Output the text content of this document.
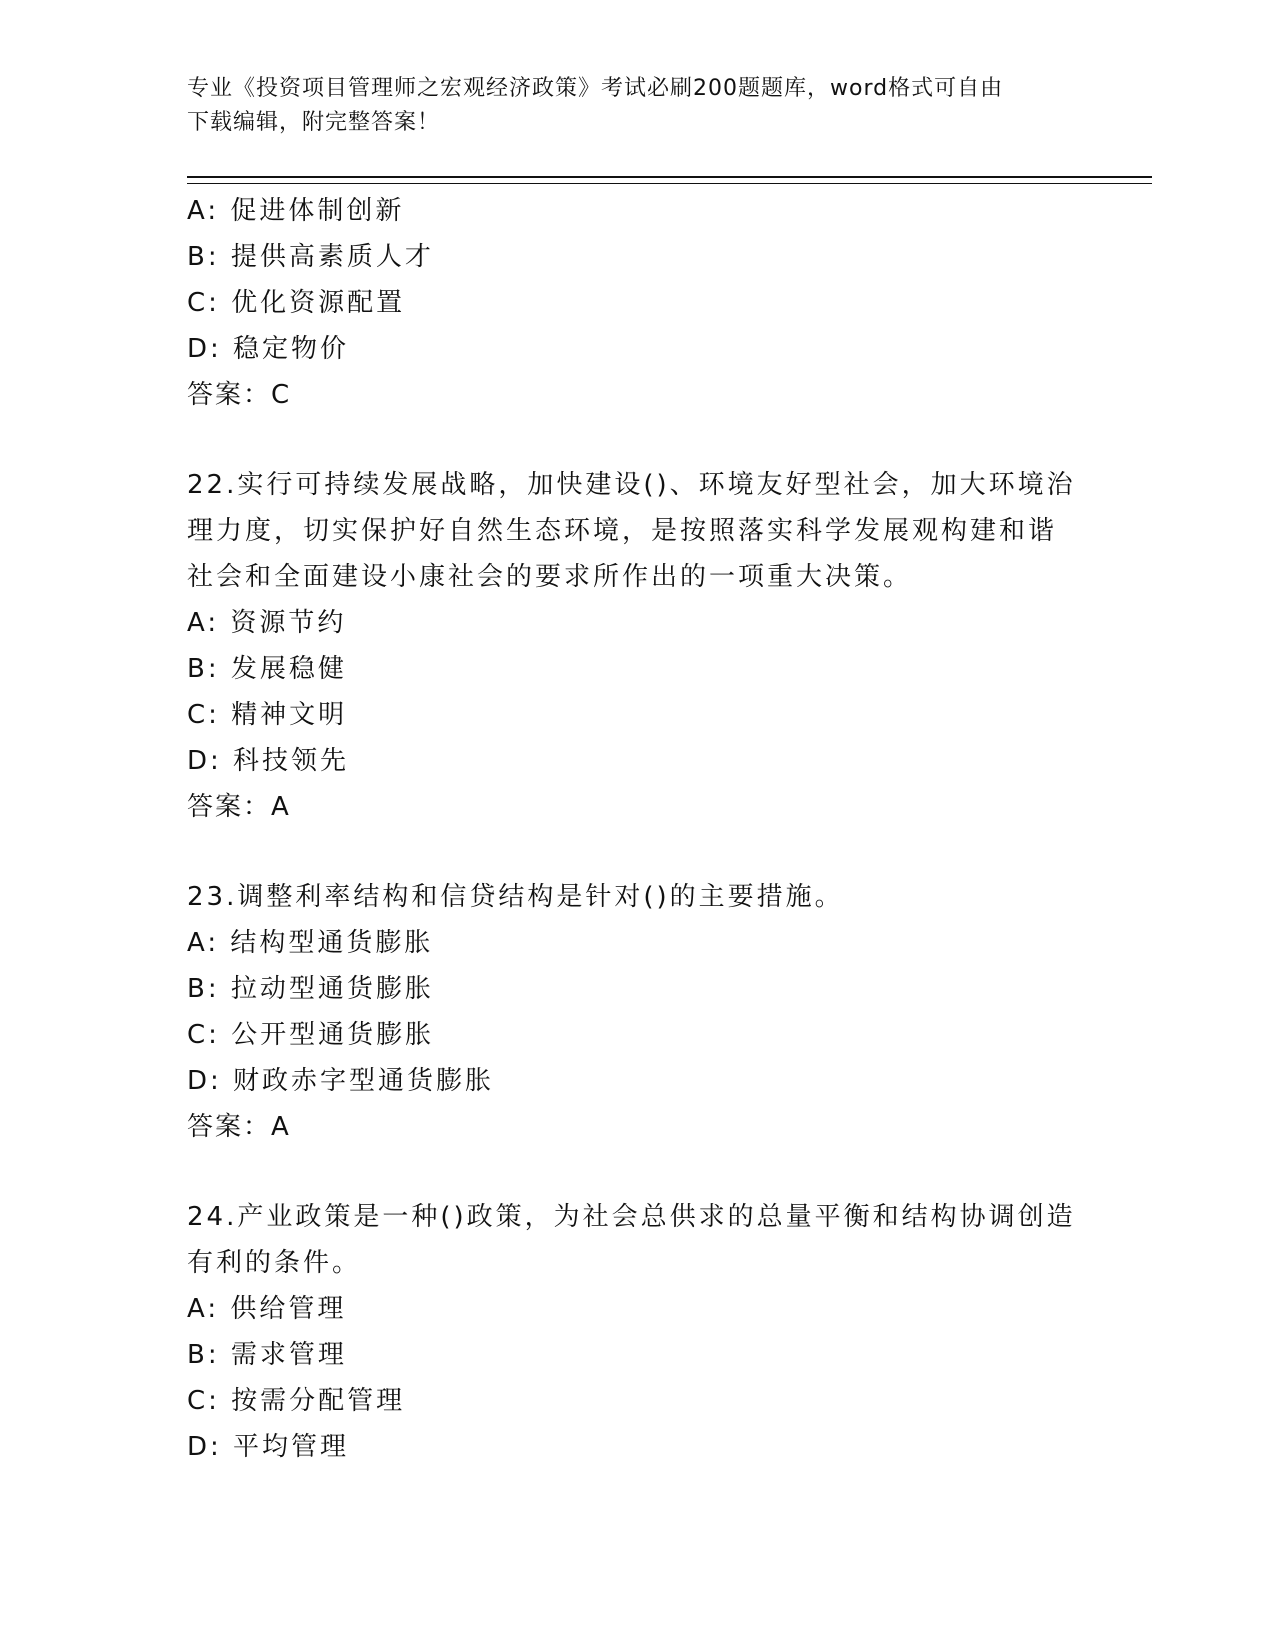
专业《投资项目管理师之宏观经济政策》考试必刷200题题库，word格式可自由
下载编辑，附完整答案！
A: 促进体制创新
B: 提供高素质人才
C: 优化资源配置
D: 稳定物价
答案：C
22.实行可持续发展战略，加快建设()、环境友好型社会，加大环境治
理力度，切实保护好自然生态环境，是按照落实科学发展观构建和谐
社会和全面建设小康社会的要求所作出的一项重大决策。
A: 资源节约
B: 发展稳健
C: 精神文明
D: 科技领先
答案：A
23.调整利率结构和信贷结构是针对()的主要措施。
A: 结构型通货膨胀
B: 拉动型通货膨胀
C: 公开型通货膨胀
D: 财政赤字型通货膨胀
答案：A
24.产业政策是一种()政策，为社会总供求的总量平衡和结构协调创造
有利的条件。
A: 供给管理
B: 需求管理
C: 按需分配管理
D: 平均管理
